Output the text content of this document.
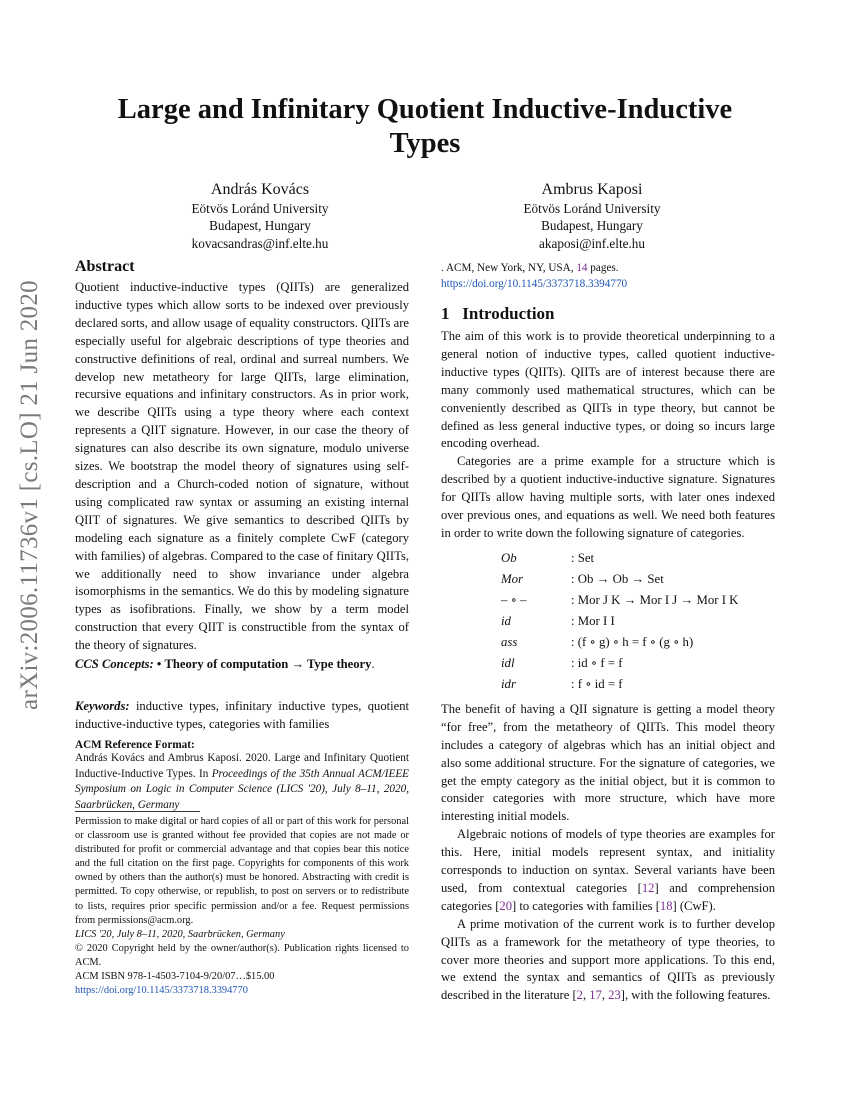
arXiv:2006.11736v1 [cs.LO] 21 Jun 2020
Large and Infinitary Quotient Inductive-Inductive
Types
András Kovács
Eötvös Loránd University
Budapest, Hungary
kovacsandras@inf.elte.hu
Ambrus Kaposi
Eötvös Loránd University
Budapest, Hungary
akaposi@inf.elte.hu
Abstract

Quotient inductive-inductive types (QIITs) are generalized inductive types which allow sorts to be indexed over previously declared sorts, and allow usage of equality constructors. QIITs are especially useful for algebraic descriptions of type theories and constructive definitions of real, ordinal and surreal numbers. We develop new metatheory for large QIITs, large elimination, recursive equations and infinitary constructors. As in prior work, we describe QIITs using a type theory where each context represents a QIIT signature. However, in our case the theory of signatures can also describe its own signature, modulo universe sizes. We bootstrap the model theory of signatures using self-description and a Church-coded notion of signature, without using complicated raw syntax or assuming an existing internal QIIT of signatures. We give semantics to described QIITs by modeling each signature as a finitely complete CwF (category with families) of algebras. Compared to the case of finitary QIITs, we additionally need to show invariance under algebra isomorphisms in the semantics. We do this by modeling signature types as isofibrations. Finally, we show by a term model construction that every QIIT is constructible from the syntax of the theory of signatures.

CCS Concepts: • Theory of computation → Type theory.

Keywords: inductive types, infinitary inductive types, quotient inductive-inductive types, categories with families

ACM Reference Format:

András Kovács and Ambrus Kaposi. 2020. Large and Infinitary Quotient Inductive-Inductive Types. In Proceedings of the 35th Annual ACM/IEEE Symposium on Logic in Computer Science (LICS '20), July 8–11, 2020, Saarbrücken, Germany

. ACM, New York, NY, USA, 14 pages.
https://doi.org/10.1145/3373718.3394770

Permission to make digital or hard copies of all or part of this work for personal or classroom use is granted without fee provided that copies are not made or distributed for profit or commercial advantage and that copies bear this notice and the full citation on the first page. Copyrights for components of this work owned by others than the author(s) must be honored. Abstracting with credit is permitted. To copy otherwise, or republish, to post on servers or to redistribute to lists, requires prior specific permission and/or a fee. Request permissions from permissions@acm.org.

LICS '20, July 8–11, 2020, Saarbrücken, Germany

© 2020 Copyright held by the owner/author(s). Publication rights licensed to ACM.

ACM ISBN 978-1-4503-7104-9/20/07…$15.00

https://doi.org/10.1145/3373718.3394770

1 Introduction

The aim of this work is to provide theoretical underpinning to a general notion of inductive types, called quotient inductive-inductive types (QIITs). QIITs are of interest because there are many commonly used mathematical structures, which can be conveniently described as QIITs in type theory, but cannot be defined as less general inductive types, or doing so incurs large encoding overhead.

Categories are a prime example for a structure which is described by a quotient inductive-inductive signature. Signatures for QIITs allow having multiple sorts, with later ones indexed over previous ones, and equations as well. We need both features in order to write down the following signature of categories.

Ob	: Set
Mor	: Ob → Ob → Set
– ∘ –	: Mor J K → Mor I J → Mor I K
id	: Mor I I
ass	: (f ∘ g) ∘ h = f ∘ (g ∘ h)
idl	: id ∘ f = f
idr	: f ∘ id = f

The benefit of having a QII signature is getting a model theory “for free”, from the metatheory of QIITs. This model theory includes a category of algebras which has an initial object and also some additional structure. For the signature of categories, we get the empty category as the initial object, but it is common to consider categories with more structure, which have more interesting initial models.

Algebraic notions of models of type theories are examples for this. Here, initial models represent syntax, and initiality corresponds to induction on syntax. Several variants have been used, from contextual categories [12] and comprehension categories [20] to categories with families [18] (CwF).

A prime motivation of the current work is to further develop QIITs as a framework for the metatheory of type theories, to cover more theories and support more applications. To this end, we extend the syntax and semantics of QIITs as previously described in the literature [2, 17, 23], with the following features.
